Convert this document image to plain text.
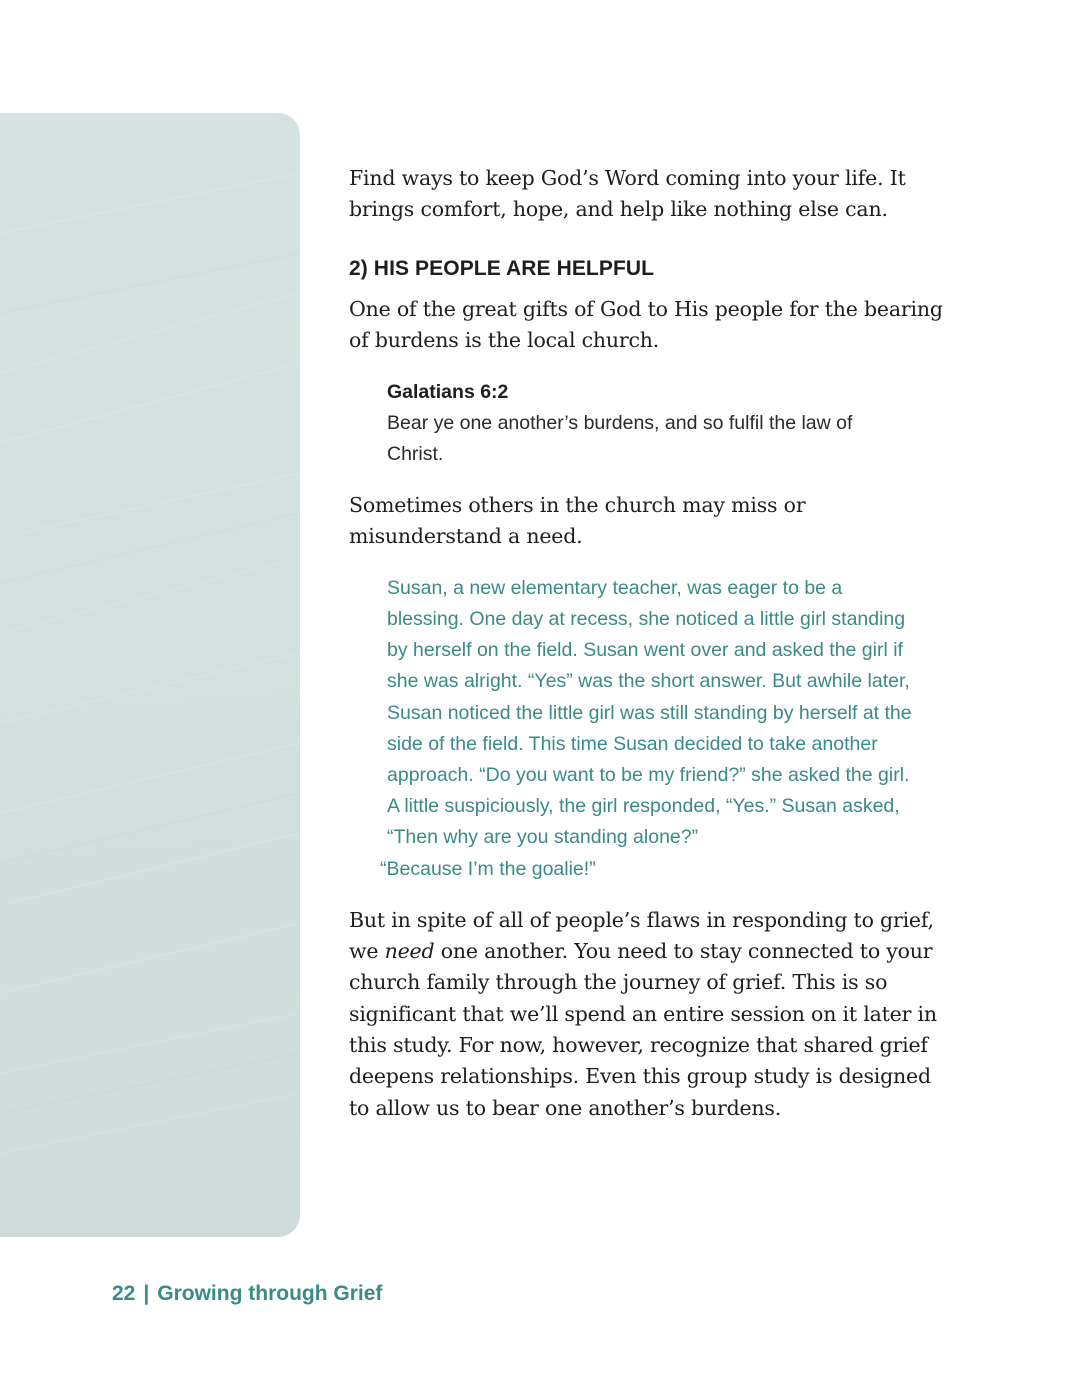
Find ways to keep God’s Word coming into your life. It brings comfort, hope, and help like nothing else can.

2) HIS PEOPLE ARE HELPFUL

One of the great gifts of God to His people for the bearing of burdens is the local church.

Galatians 6:2

Bear ye one another’s burdens, and so fulfil the law of Christ.

Sometimes others in the church may miss or misunderstand a need.

Susan, a new elementary teacher, was eager to be a blessing. One day at recess, she noticed a little girl standing by herself on the field. Susan went over and asked the girl if she was alright. “Yes” was the short answer. But awhile later, Susan noticed the little girl was still standing by herself at the side of the field. This time Susan decided to take another approach. “Do you want to be my friend?” she asked the girl. A little suspiciously, the girl responded, “Yes.” Susan asked, “Then why are you standing alone?”

“Because I’m the goalie!”

But in spite of all of people’s flaws in responding to grief, we need one another. You need to stay connected to your church family through the journey of grief. This is so significant that we’ll spend an entire session on it later in this study. For now, however, recognize that shared grief deepens relationships. Even this group study is designed to allow us to bear one another’s burdens.

22 | Growing through Grief
